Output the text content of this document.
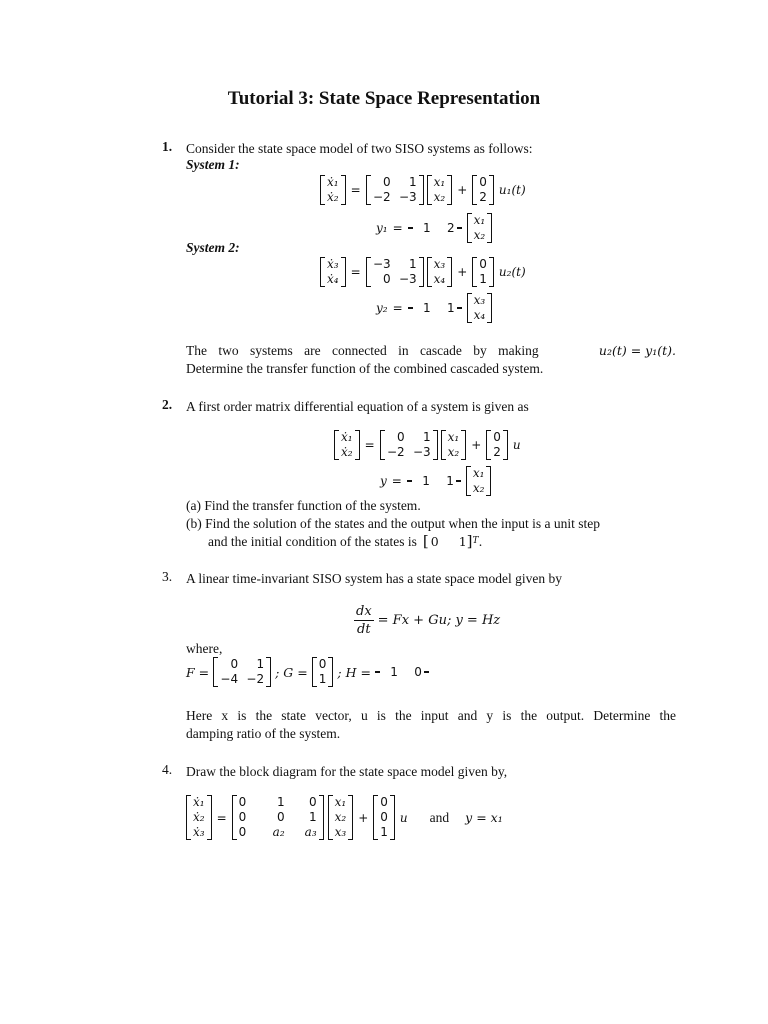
Tutorial 3: State Space Representation
1. Consider the state space model of two SISO systems as follows:
System 1:
ẋ₁
ẋ₂ =
0	1
−2	−3
x₁
x₂ +
0
2 u₁(t)
y₁ = 1	2
x₁
x₂
System 2:
ẋ₃
ẋ₄ =
−3	1
0	−3
x₃
x₄ +
0
1 u₂(t)
y₂ = 1	1
x₃
x₄
The two systems are connected in cascade by making	u₂(t) = y₁(t).
Determine the transfer function of the combined cascaded system.
2. A first order matrix differential equation of a system is given as
ẋ₁
ẋ₂ =
0	1
−2	−3
x₁
x₂ +
0
2 u
y = 1	1
x₁
x₂
(a) Find the transfer function of the system.
(b) Find the solution of the states and the output when the input is a unit step
and the initial condition of the states is [ 0	1 ] T .
3. A linear time-invariant SISO system has a state space model given by
$\frac{dx}{dt} = Fx + Gu$; y = Hz
where,
F =
0	1
−4	−2 ; G =
0
1 ; H = 1	0
Here x is the state vector, u is the input and y is the output. Determine the
damping ratio of the system.
4. Draw the block diagram for the state space model given by,
ẋ₁
ẋ₂
ẋ₃
=
0	1	0
0	0	1
0	a₂	a₃
x₁
x₂
x₃
+
0
0
1
u and y = x₁
